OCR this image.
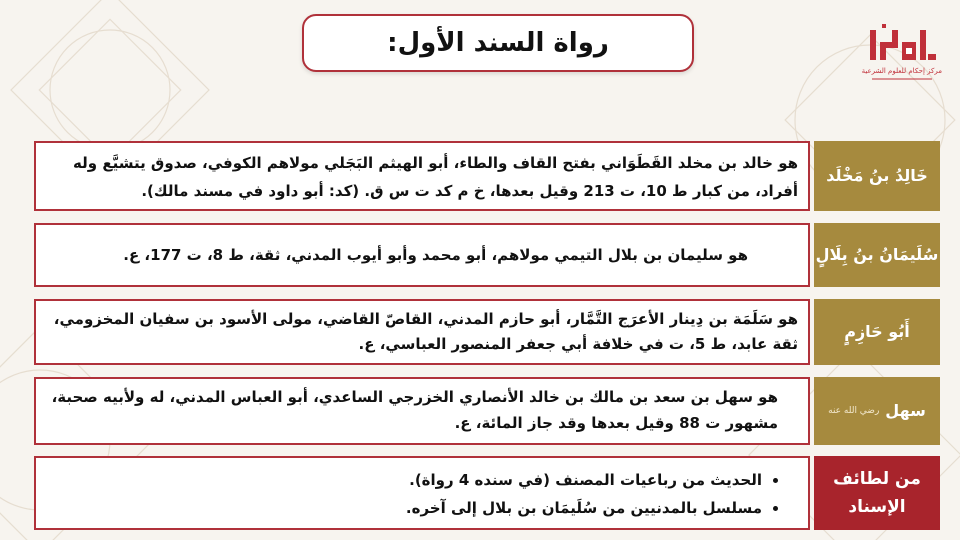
رواة السند الأول:
مركز إحكام للعلوم الشرعية
هو خالد بن مخلد القَطَوَاني بفتح القاف والطاء، أبو الهيثم البَجَلي مولاهم الكوفي، صدوق يتشيَّع وله أفراد، من كبار ط 10، ت 213 وقيل بعدها، خ م كد ت س ق. (كد: أبو داود في مسند مالك).
خَالِدُ بنُ مَخْلَد
هو سليمان بن بلال التيمي مولاهم، أبو محمد وأبو أيوب المدني، ثقة، ط 8، ت 177، ع.	سُلَيمَانُ بنُ بِلَالٍ
هو سَلَمَة بن دِينار الأعرَج التَّمَّار، أبو حازم المدني، القاصّ القاضي، مولى الأسود بن سفيان المخزومي، ثقة عابد، ط 5، ت في خلافة أبي جعفر المنصور العباسي، ع.
أَبُو حَازِمٍ
هو سهل بن سعد بن مالك بن خالد الأنصاري الخزرجي الساعدي، أبو العباس المدني، له ولأبيه صحبة، مشهور ت 88 وقيل بعدها وقد جاز المائة، ع.
سهل
رضي الله عنه
• الحديث من رباعيات المصنف (في سنده 4 رواة).
• مسلسل بالمدنيين من سُلَيمَان بن بلال إلى آخره.
من لطائف الإسناد
